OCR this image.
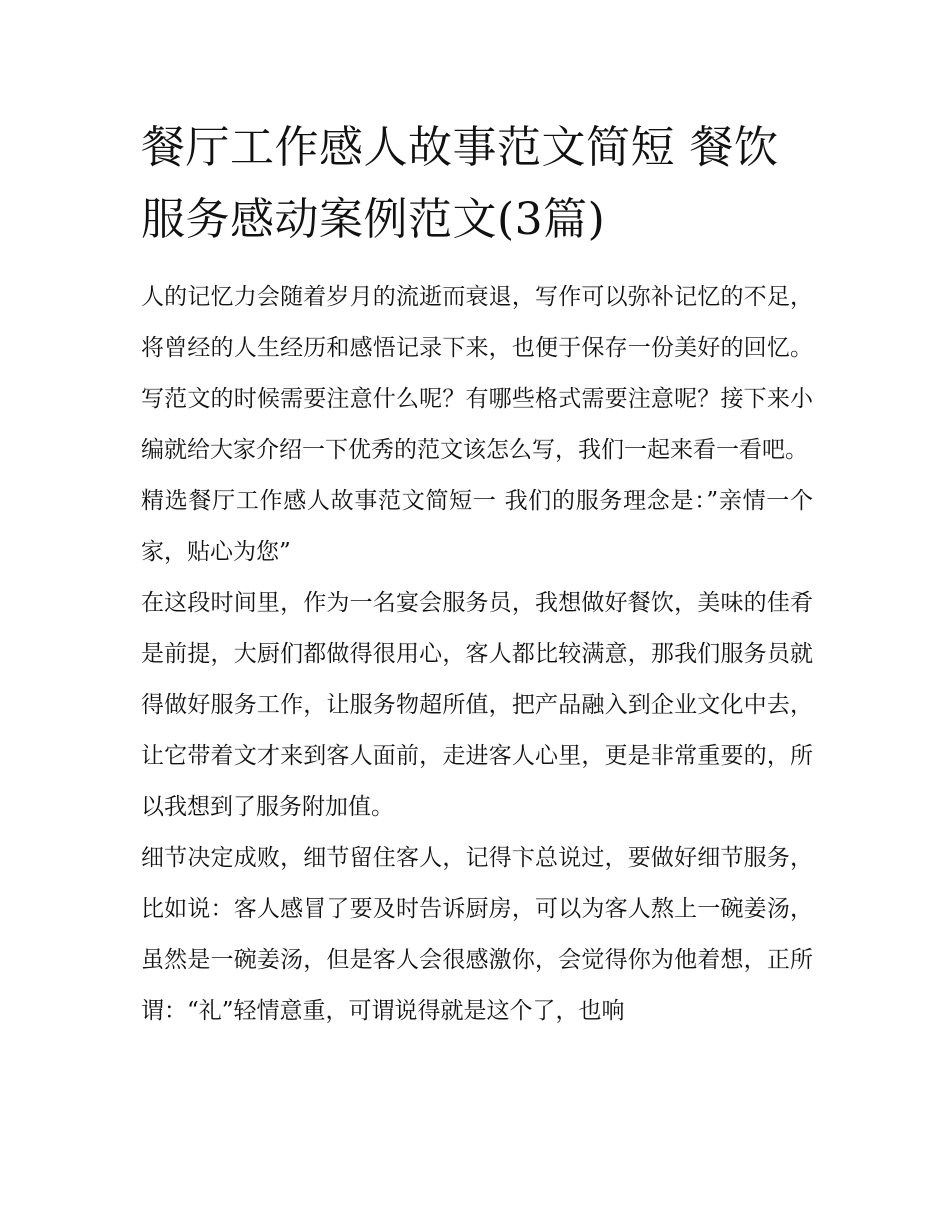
餐厅工作感人故事范文简短 餐饮服务感动案例范文(3篇)

人的记忆力会随着岁月的流逝而衰退，写作可以弥补记忆的不足，将曾经的人生经历和感悟记录下来，也便于保存一份美好的回忆。写范文的时候需要注意什么呢？有哪些格式需要注意呢？接下来小编就给大家介绍一下优秀的范文该怎么写，我们一起来看一看吧。

精选餐厅工作感人故事范文简短一 我们的服务理念是：”亲情一个家，贴心为您”

在这段时间里，作为一名宴会服务员，我想做好餐饮，美味的佳肴是前提，大厨们都做得很用心，客人都比较满意，那我们服务员就得做好服务工作，让服务物超所值，把产品融入到企业文化中去，让它带着文才来到客人面前，走进客人心里，更是非常重要的，所以我想到了服务附加值。

细节决定成败，细节留住客人，记得卞总说过，要做好细节服务，比如说：客人感冒了要及时告诉厨房，可以为客人熬上一碗姜汤，虽然是一碗姜汤，但是客人会很感激你，会觉得你为他着想，正所谓：“礼”轻情意重，可谓说得就是这个了，也响
